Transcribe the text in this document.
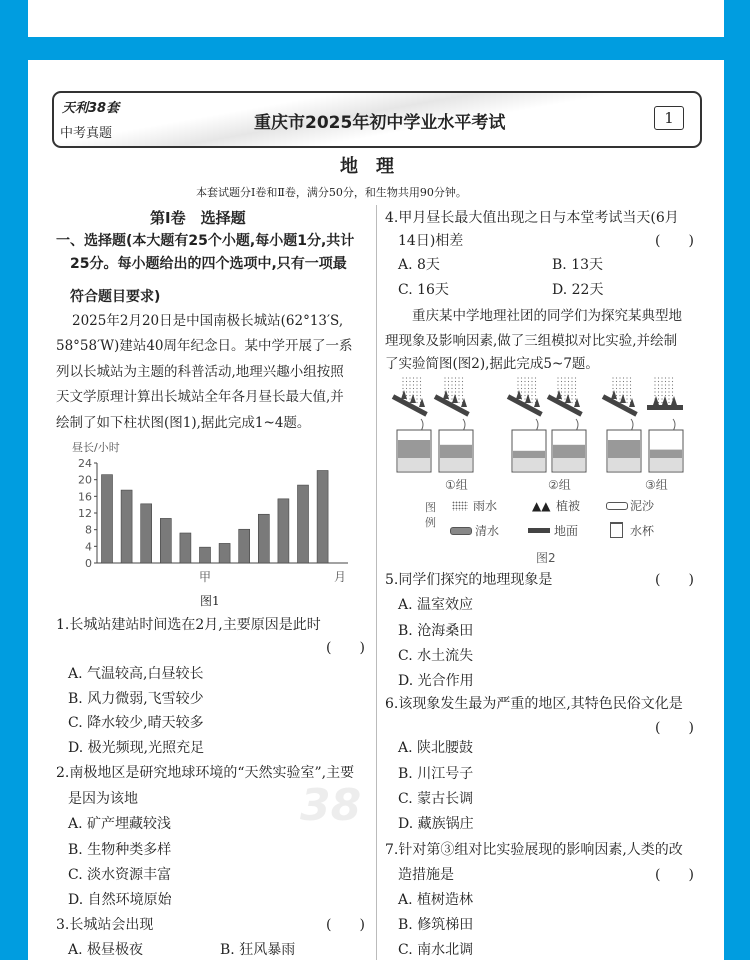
天利38套
中考真题
重庆市2025年初中学业水平考试	1
地　理
本套试题分Ⅰ卷和Ⅱ卷，满分50分，和生物共用90分钟。
第Ⅰ卷　选择题
一、选择题(本大题有25个小题,每小题1分,共计
25分。每小题给出的四个选项中,只有一项最
符合题目要求)
2025年2月20日是中国南极长城站(62°13′S,
58°58′W)建站40周年纪念日。某中学开展了一系
列以长城站为主题的科普活动,地理兴趣小组按照
天文学原理计算出长城站全年各月昼长最大值,并
绘制了如下柱状图(图1),据此完成1~4题。
0
4
8
12
16
20
24
昼长/小时
甲	月
图1
1.长城站建站时间选在2月,主要原因是此时
(　　)
A. 气温较高,白昼较长
B. 风力微弱,飞雪较少
C. 降水较少,晴天较多
D. 极光频现,光照充足
2.南极地区是研究地球环境的“天然实验室”,主要
是因为该地
A. 矿产埋藏较浅
B. 生物种类多样
C. 淡水资源丰富
D. 自然环境原始
3.长城站会出现	(　　)
A. 极昼极夜	B. 狂风暴雨
4.甲月昼长最大值出现之日与本堂考试当天(6月
14日)相差	(　　)
A. 8天	B. 13天
C. 16天	D. 22天
重庆某中学地理社团的同学们为探究某典型地
理现象及影响因素,做了三组模拟对比实验,并绘制
了实验简图(图2),据此完成5~7题。
①组	②组	③组
图例
雨水	▲▲ 植被	泥沙
清水	地面	水杯
图2
5.同学们探究的地理现象是	(　　)
A. 温室效应
B. 沧海桑田
C. 水土流失
D. 光合作用
6.该现象发生最为严重的地区,其特色民俗文化是
(　　)
A. 陕北腰鼓
B. 川江号子
C. 蒙古长调
D. 藏族锅庄
7.针对第③组对比实验展现的影响因素,人类的改
造措施是	(　　)
A. 植树造林
B. 修筑梯田
C. 南水北调
38
